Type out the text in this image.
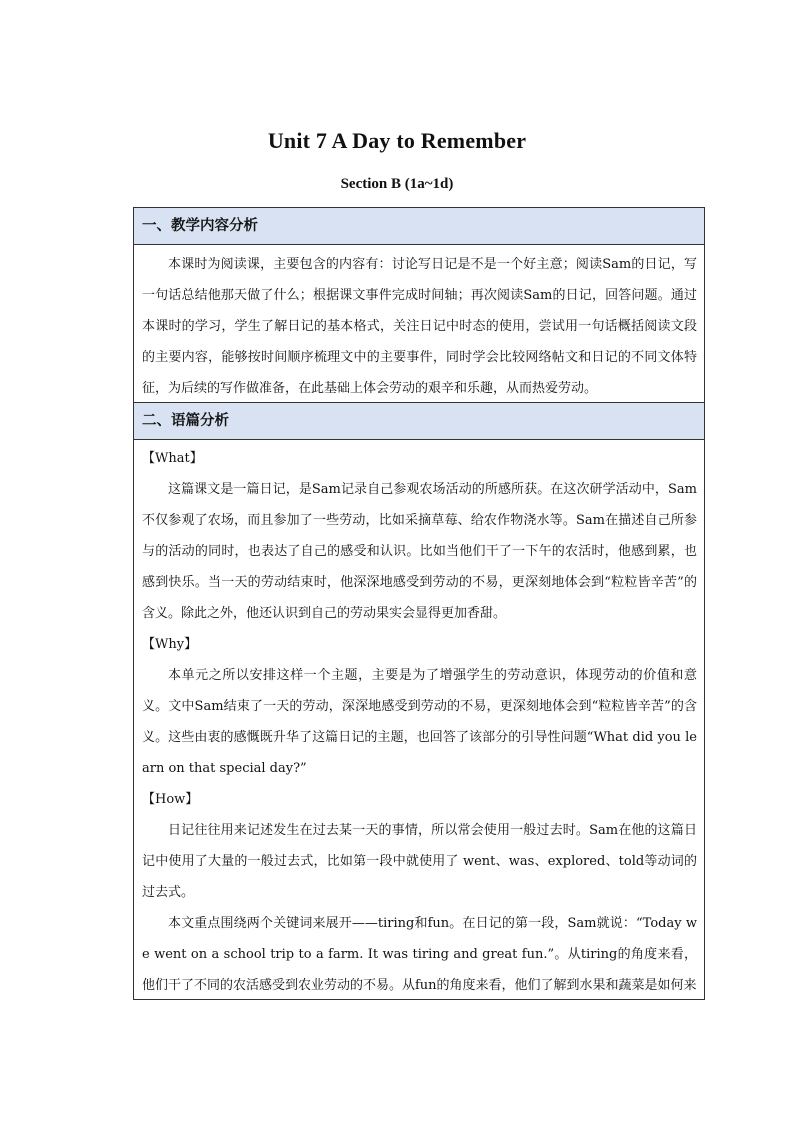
Unit 7 A Day to Remember
Section B (1a~1d)
一、教学内容分析

本课时为阅读课，主要包含的内容有：讨论写日记是不是一个好主意；阅读Sam的日记，写一句话总结他那天做了什么；根据课文事件完成时间轴；再次阅读Sam的日记，回答问题。通过本课时的学习，学生了解日记的基本格式，关注日记中时态的使用，尝试用一句话概括阅读文段的主要内容，能够按时间顺序梳理文中的主要事件，同时学会比较网络帖文和日记的不同文体特征，为后续的写作做准备，在此基础上体会劳动的艰辛和乐趣，从而热爱劳动。

二、语篇分析

【What】

这篇课文是一篇日记，是Sam记录自己参观农场活动的所感所获。在这次研学活动中，Sam不仅参观了农场，而且参加了一些劳动，比如采摘草莓、给农作物浇水等。Sam在描述自己所参与的活动的同时，也表达了自己的感受和认识。比如当他们干了一下午的农活时，他感到累，也感到快乐。当一天的劳动结束时，他深深地感受到劳动的不易，更深刻地体会到“粒粒皆辛苦”的含义。除此之外，他还认识到自己的劳动果实会显得更加香甜。

【Why】

本单元之所以安排这样一个主题，主要是为了增强学生的劳动意识，体现劳动的价值和意义。文中Sam结束了一天的劳动，深深地感受到劳动的不易，更深刻地体会到“粒粒皆辛苦”的含义。这些由衷的感慨既升华了这篇日记的主题，也回答了该部分的引导性问题“What did you learn on that special day?”

【How】

日记往往用来记述发生在过去某一天的事情，所以常会使用一般过去时。Sam在他的这篇日记中使用了大量的一般过去式，比如第一段中就使用了 went、was、explored、told等动词的过去式。

本文重点围绕两个关键词来展开——tiring和fun。在日记的第一段，Sam就说：“Today we went on a school trip to a farm. It was tiring and great fun.”。从tiring的角度来看，他们干了不同的农活感受到农业劳动的不易。从fun的角度来看，他们了解到水果和蔬菜是如何来
